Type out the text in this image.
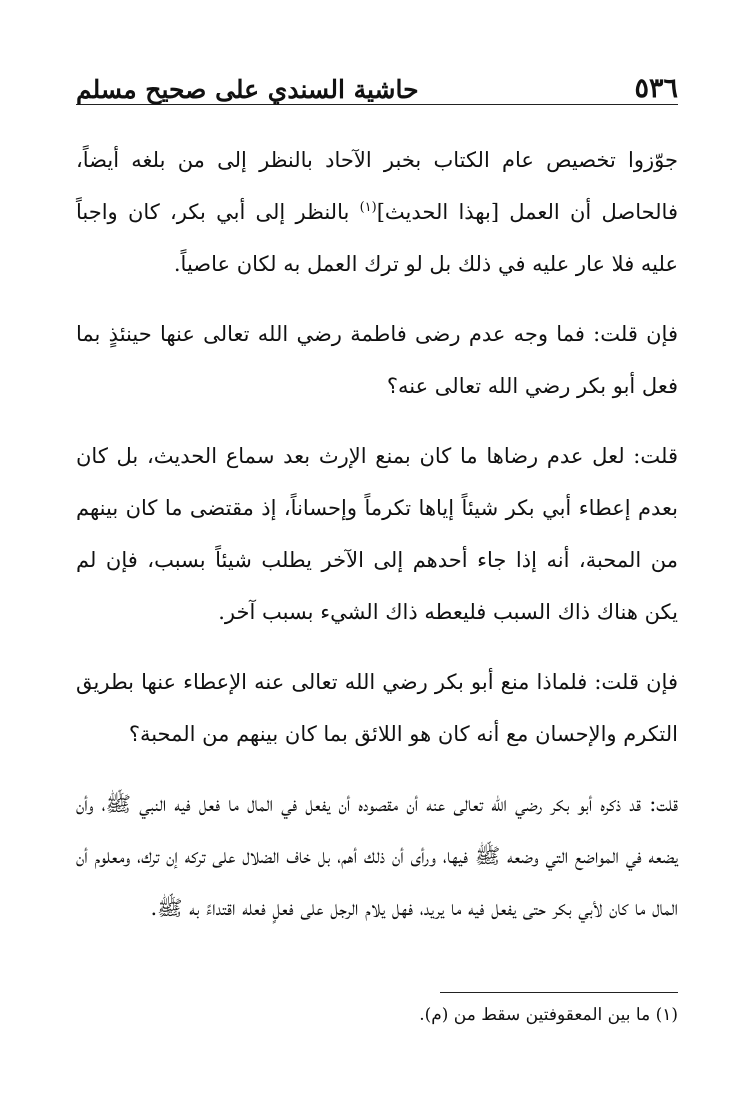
٥٣٦
حاشية السندي على صحيح مسلم

جوّزوا تخصيص عام الكتاب بخبر الآحاد بالنظر إلى من بلغه أيضاً، فالحاصل أن العمل [بهذا الحديث]$^{(١)}$ بالنظر إلى أبي بكر، كان واجباً عليه فلا عار عليه في ذلك بل لو ترك العمل به لكان عاصياً.

فإن قلت: فما وجه عدم رضى فاطمة رضي الله تعالى عنها حينئذٍ بما فعل أبو بكر رضي الله تعالى عنه؟

قلت: لعل عدم رضاها ما كان بمنع الإرث بعد سماع الحديث، بل كان بعدم إعطاء أبي بكر شيئاً إياها تكرماً وإحساناً، إذ مقتضى ما كان بينهم من المحبة، أنه إذا جاء أحدهم إلى الآخر يطلب شيئاً بسبب، فإن لم يكن هناك ذاك السبب فليعطه ذاك الشيء بسبب آخر.

فإن قلت: فلماذا منع أبو بكر رضي الله تعالى عنه الإعطاء عنها بطريق التكرم والإحسان مع أنه كان هو اللائق بما كان بينهم من المحبة؟

قلت: قد ذكره أبو بكر رضي الله تعالى عنه أن مقصوده أن يفعل في المال ما فعل فيه النبي ﷺ، وأن يضعه في المواضع التي وضعه ﷺ فيها، ورأى أن ذلك أهم، بل خاف الضلال على تركه إن ترك، ومعلوم أن المال ما كان لأبي بكر حتى يفعل فيه ما يريد، فهل يلام الرجل على فعلٍ فعله اقتداءً به ﷺ.

(١) ما بين المعقوفتين سقط من (م).
